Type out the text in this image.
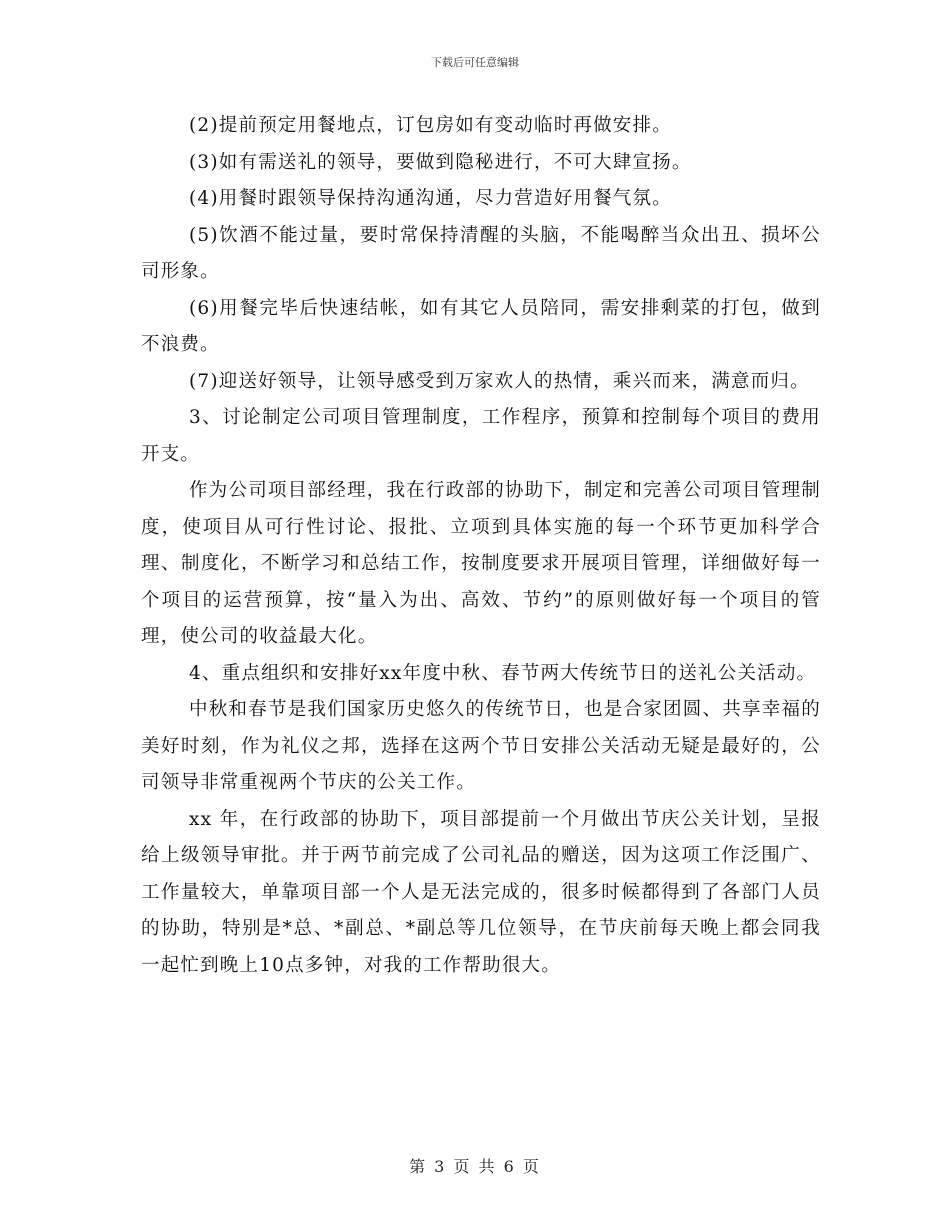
下载后可任意编辑

(2)提前预定用餐地点，订包房如有变动临时再做安排。

(3)如有需送礼的领导，要做到隐秘进行，不可大肆宣扬。

(4)用餐时跟领导保持沟通沟通，尽力营造好用餐气氛。

(5)饮酒不能过量，要时常保持清醒的头脑，不能喝醉当众出丑、损坏公司形象。

(6)用餐完毕后快速结帐，如有其它人员陪同，需安排剩菜的打包，做到不浪费。

(7)迎送好领导，让领导感受到万家欢人的热情，乘兴而来，满意而归。

3、讨论制定公司项目管理制度，工作程序，预算和控制每个项目的费用开支。

作为公司项目部经理，我在行政部的协助下，制定和完善公司项目管理制度，使项目从可行性讨论、报批、立项到具体实施的每一个环节更加科学合理、制度化，不断学习和总结工作，按制度要求开展项目管理，详细做好每一个项目的运营预算，按“量入为出、高效、节约”的原则做好每一个项目的管理，使公司的收益最大化。

4、重点组织和安排好xx年度中秋、春节两大传统节日的送礼公关活动。

中秋和春节是我们国家历史悠久的传统节日，也是合家团圆、共享幸福的美好时刻，作为礼仪之邦，选择在这两个节日安排公关活动无疑是最好的，公司领导非常重视两个节庆的公关工作。

xx 年，在行政部的协助下，项目部提前一个月做出节庆公关计划，呈报给上级领导审批。并于两节前完成了公司礼品的赠送，因为这项工作泛围广、工作量较大，单靠项目部一个人是无法完成的，很多时候都得到了各部门人员的协助，特别是*总、*副总、*副总等几位领导，在节庆前每天晚上都会同我一起忙到晚上10点多钟，对我的工作帮助很大。

第 3 页 共 6 页
